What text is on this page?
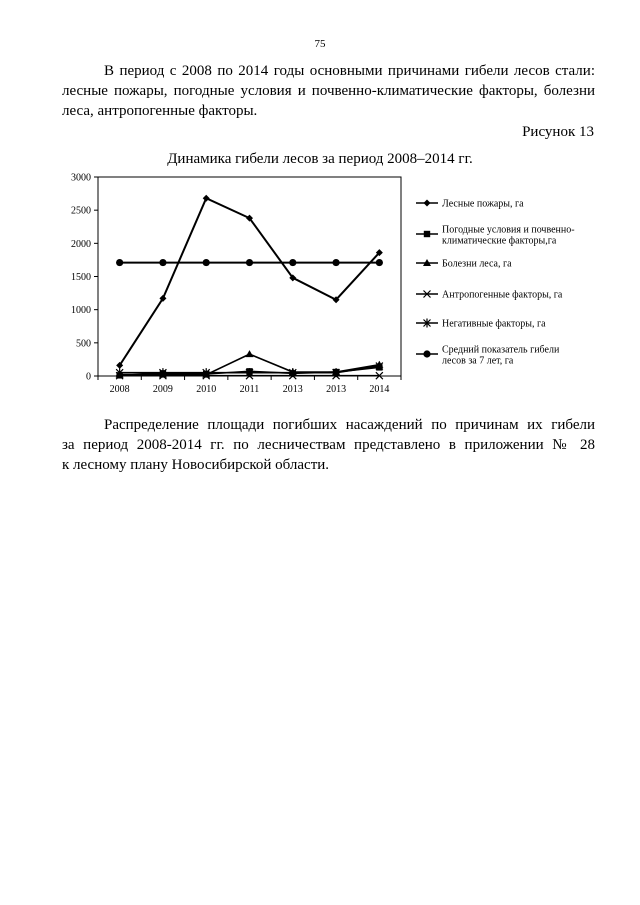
75

В период с 2008 по 2014 годы основными причинами гибели лесов стали:
лесные пожары, погодные условия и почвенно-климатические факторы, болезни
леса, антропогенные факторы.

Рисунок 13
Динамика гибели лесов за период 2008–2014 гг.
0
500
1000
1500
2000
2500
3000
2008 2009 2010 2011 2013 2013 2014
Лесные пожары, га
Погодные условия и почвенно-
климатические факторы,га
Болезни леса, га
Антропогенные факторы, га
Негативные факторы, га
Средний показатель гибели
лесов за 7 лет, га

Распределение площади погибших насаждений по причинам их гибели
за период 2008-2014 гг. по лесничествам представлено в приложении № 28
к лесному плану Новосибирской области.
